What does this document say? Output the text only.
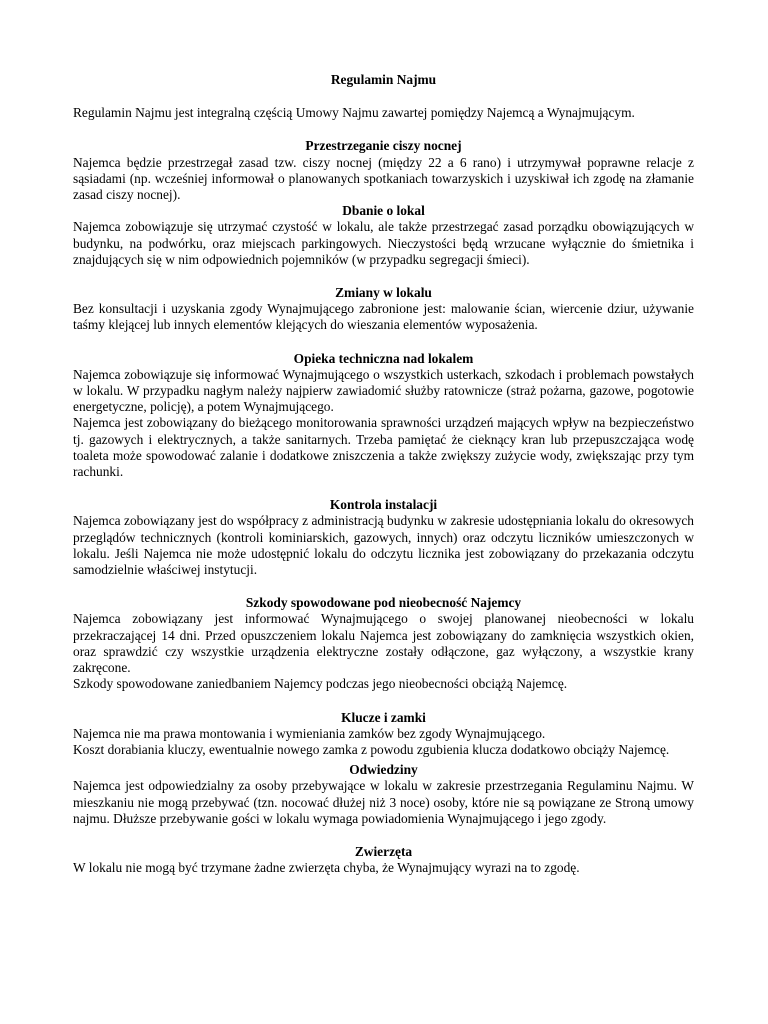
Regulamin Najmu

Regulamin Najmu jest integralną częścią Umowy Najmu zawartej pomiędzy Najemcą a Wynajmującym.

Przestrzeganie ciszy nocnej

Najemca będzie przestrzegał zasad tzw. ciszy nocnej (między 22 a 6 rano) i utrzymywał poprawne relacje z sąsiadami (np. wcześniej informował o planowanych spotkaniach towarzyskich i uzyskiwał ich zgodę na złamanie zasad ciszy nocnej).

Dbanie o lokal

Najemca zobowiązuje się utrzymać czystość w lokalu, ale także przestrzegać zasad porządku obowiązujących w budynku, na podwórku, oraz miejscach parkingowych. Nieczystości będą wrzucane wyłącznie do śmietnika i znajdujących się w nim odpowiednich pojemników (w przypadku segregacji śmieci).

Zmiany w lokalu

Bez konsultacji i uzyskania zgody Wynajmującego zabronione jest: malowanie ścian, wiercenie dziur, używanie taśmy klejącej lub innych elementów klejących do wieszania elementów wyposażenia.

Opieka techniczna nad lokalem

Najemca zobowiązuje się informować Wynajmującego o wszystkich usterkach, szkodach i problemach powstałych w lokalu. W przypadku nagłym należy najpierw zawiadomić służby ratownicze (straż pożarna, gazowe, pogotowie energetyczne, policję), a potem Wynajmującego.

Najemca jest zobowiązany do bieżącego monitorowania sprawności urządzeń mających wpływ na bezpieczeństwo tj. gazowych i elektrycznych, a także sanitarnych. Trzeba pamiętać że cieknący kran lub przepuszczająca wodę toaleta może spowodować zalanie i dodatkowe zniszczenia a także zwiększy zużycie wody, zwiększając przy tym rachunki.

Kontrola instalacji

Najemca zobowiązany jest do współpracy z administracją budynku w zakresie udostępniania lokalu do okresowych przeglądów technicznych (kontroli kominiarskich, gazowych, innych) oraz odczytu liczników umieszczonych w lokalu. Jeśli Najemca nie może udostępnić lokalu do odczytu licznika jest zobowiązany do przekazania odczytu samodzielnie właściwej instytucji.

Szkody spowodowane pod nieobecność Najemcy

Najemca zobowiązany jest informować Wynajmującego o swojej planowanej nieobecności w lokalu przekraczającej 14 dni. Przed opuszczeniem lokalu Najemca jest zobowiązany do zamknięcia wszystkich okien, oraz sprawdzić czy wszystkie urządzenia elektryczne zostały odłączone, gaz wyłączony, a wszystkie krany zakręcone.

Szkody spowodowane zaniedbaniem Najemcy podczas jego nieobecności obciążą Najemcę.

Klucze i zamki

Najemca nie ma prawa montowania i wymieniania zamków bez zgody Wynajmującego.

Koszt dorabiania kluczy, ewentualnie nowego zamka z powodu zgubienia klucza dodatkowo obciąży Najemcę.

Odwiedziny

Najemca jest odpowiedzialny za osoby przebywające w lokalu w zakresie przestrzegania Regulaminu Najmu. W mieszkaniu nie mogą przebywać (tzn. nocować dłużej niż 3 noce) osoby, które nie są powiązane ze Stroną umowy najmu. Dłuższe przebywanie gości w lokalu wymaga powiadomienia Wynajmującego i jego zgody.

Zwierzęta

W lokalu nie mogą być trzymane żadne zwierzęta chyba, że Wynajmujący wyrazi na to zgodę.
